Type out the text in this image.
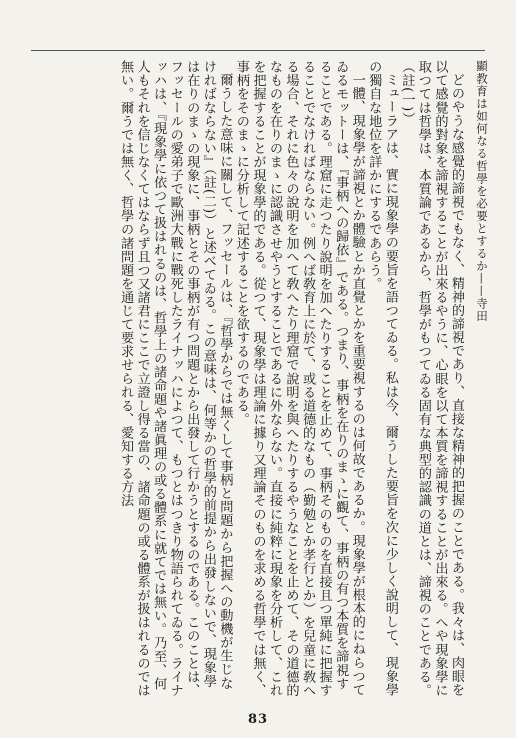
顯教育は如何なる哲學を必要とするか——寺田

どのやうな感覺的諦視でもなく、精神的諦視であり、直接な精神的把握のことである。我々は、肉眼を以て感覺的對象を諦視することが出來るやうに、心眼を以て本質を諦視することが出來る。へや現象學に取つては哲學は、本質論であるから、哲學がもつてゐる固有な典型的認識の道とは、諦視のことである。（註(一)）

ミューラアは、實に現象學の要旨を語つてゐる。私は今、爾うした要旨を次に少しく說明して、現象學の獨自な地位を詳かにするであらう。

一體、現象學が諦視とか體驗とか直覺とかを重要視するのは何故であるか。現象學が根本的にねらつてゐるモットーは、『事柄への歸依』である。つまり、事柄を在りのまゝに觀て、事柄の有つ本質を諦視することである。理窟に走つたり說明を加へたりすることを止めて、事柄そのものを直接且つ單純に把握することでなければならない。例へば敎育上に於て、或る道德的なもの（勤勉とか孝行とか）を兒童に敎へる場合、それに色々の說明を加へて敎へたり理窟で說明を與へたりするやうなことを止めて、その道德的なものを在りのまゝに認識させやうとすることであるに外ならない。直接に純粹に現象を分析して、これを把握することが現象學的である。從つて、現象學は理論に據り又理論そのものを求める哲學では無く、事柄をそのまゝに分析して記述することを欲するのである。

爾うした意味に關して、フッセールは、『哲學からでは無くして事柄と問題から把握への動機が生じなければならない』（註(二)）と述べてゐる。この意味は、何等かの哲學的前提から出發しないで、現象學は在りのまゝの現象に、事柄とその事柄が有つ問題とから出發して行かうとするのである。このことは、フッセールの愛弟子で歐洲大戰に戰死したライナッハによつて、もつとはつきり物語られてゐる。ライナッハは、『現象學に依つて扱はれるのは、哲學上の諸命題や諸眞理の或る體系に就てでは無い。乃至、何人もそれを信じなくてはならず且つ又諸君にここで立證し得る當の、諸命題の或る體系が扱はれるのでは無い。爾うでは無く、哲學の諸問題を通じて要求せられる、愛知する方法

83
